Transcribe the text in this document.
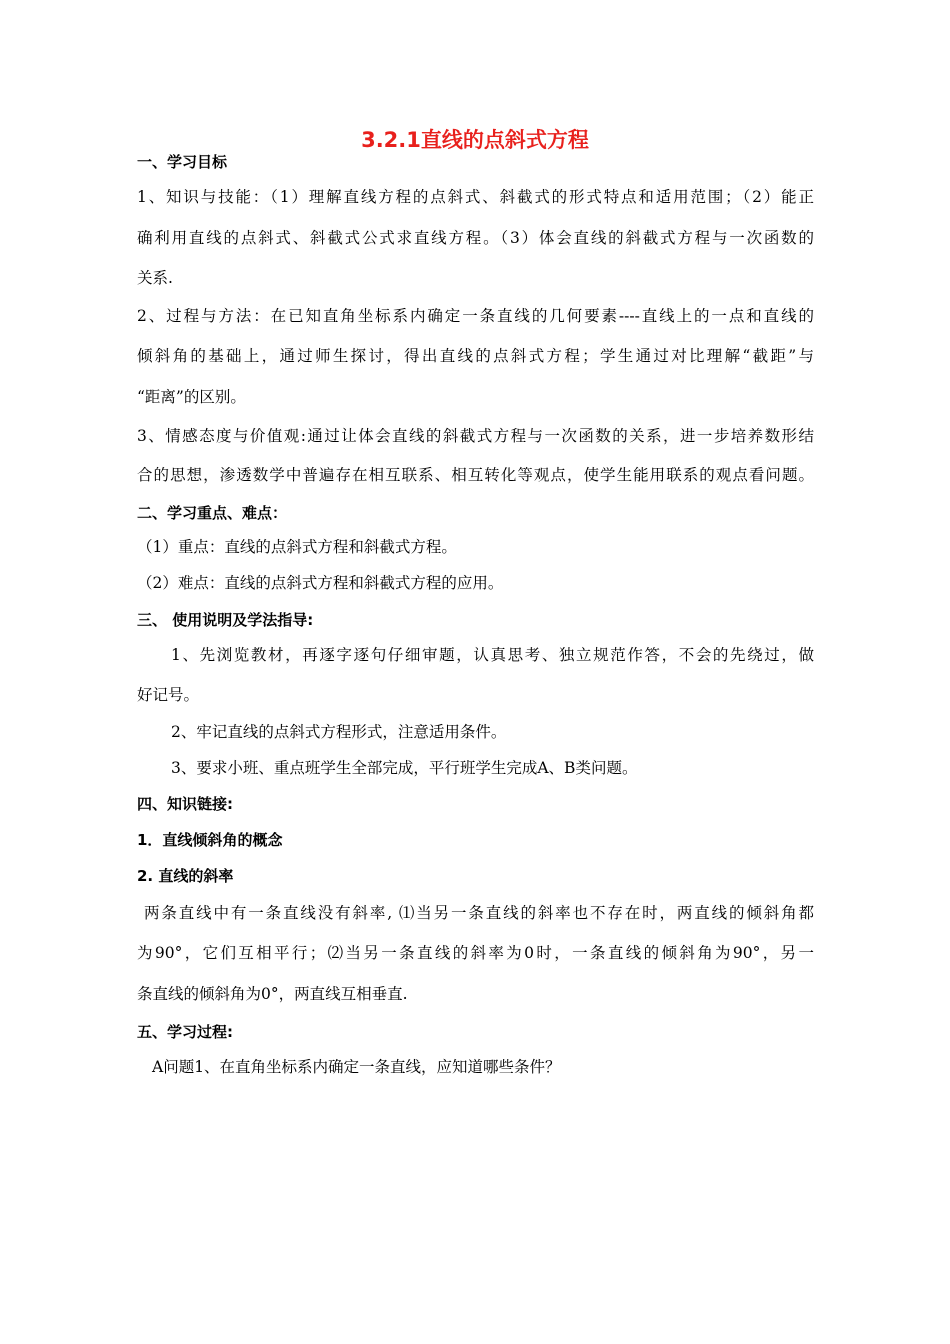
3.2.1直线的点斜式方程
一、学习目标
1、知识与技能：（1）理解直线方程的点斜式、斜截式的形式特点和适用范围；（2）能正
确利用直线的点斜式、斜截式公式求直线方程。（3）体会直线的斜截式方程与一次函数的
关系.
2、过程与方法：在已知直角坐标系内确定一条直线的几何要素----直线上的一点和直线的
倾斜角的基础上，通过师生探讨，得出直线的点斜式方程；学生通过对比理解“截距”与
“距离”的区别。
3、情感态度与价值观:通过让体会直线的斜截式方程与一次函数的关系，进一步培养数形结
合的思想，渗透数学中普遍存在相互联系、相互转化等观点，使学生能用联系的观点看问题。
二、学习重点、难点：
（1）重点：直线的点斜式方程和斜截式方程。
（2）难点：直线的点斜式方程和斜截式方程的应用。
三、 使用说明及学法指导:
1、先浏览教材，再逐字逐句仔细审题，认真思考、独立规范作答，不会的先绕过，做
好记号。
2、牢记直线的点斜式方程形式，注意适用条件。
3、要求小班、重点班学生全部完成，平行班学生完成A、B类问题。
四、知识链接:
1．直线倾斜角的概念
2. 直线的斜率
两条直线中有一条直线没有斜率, ⑴当另一条直线的斜率也不存在时，两直线的倾斜角都
为90°，它们互相平行；⑵当另一条直线的斜率为0时，一条直线的倾斜角为90°，另一
条直线的倾斜角为0°，两直线互相垂直.
五、学习过程:
A问题1、在直角坐标系内确定一条直线，应知道哪些条件？
